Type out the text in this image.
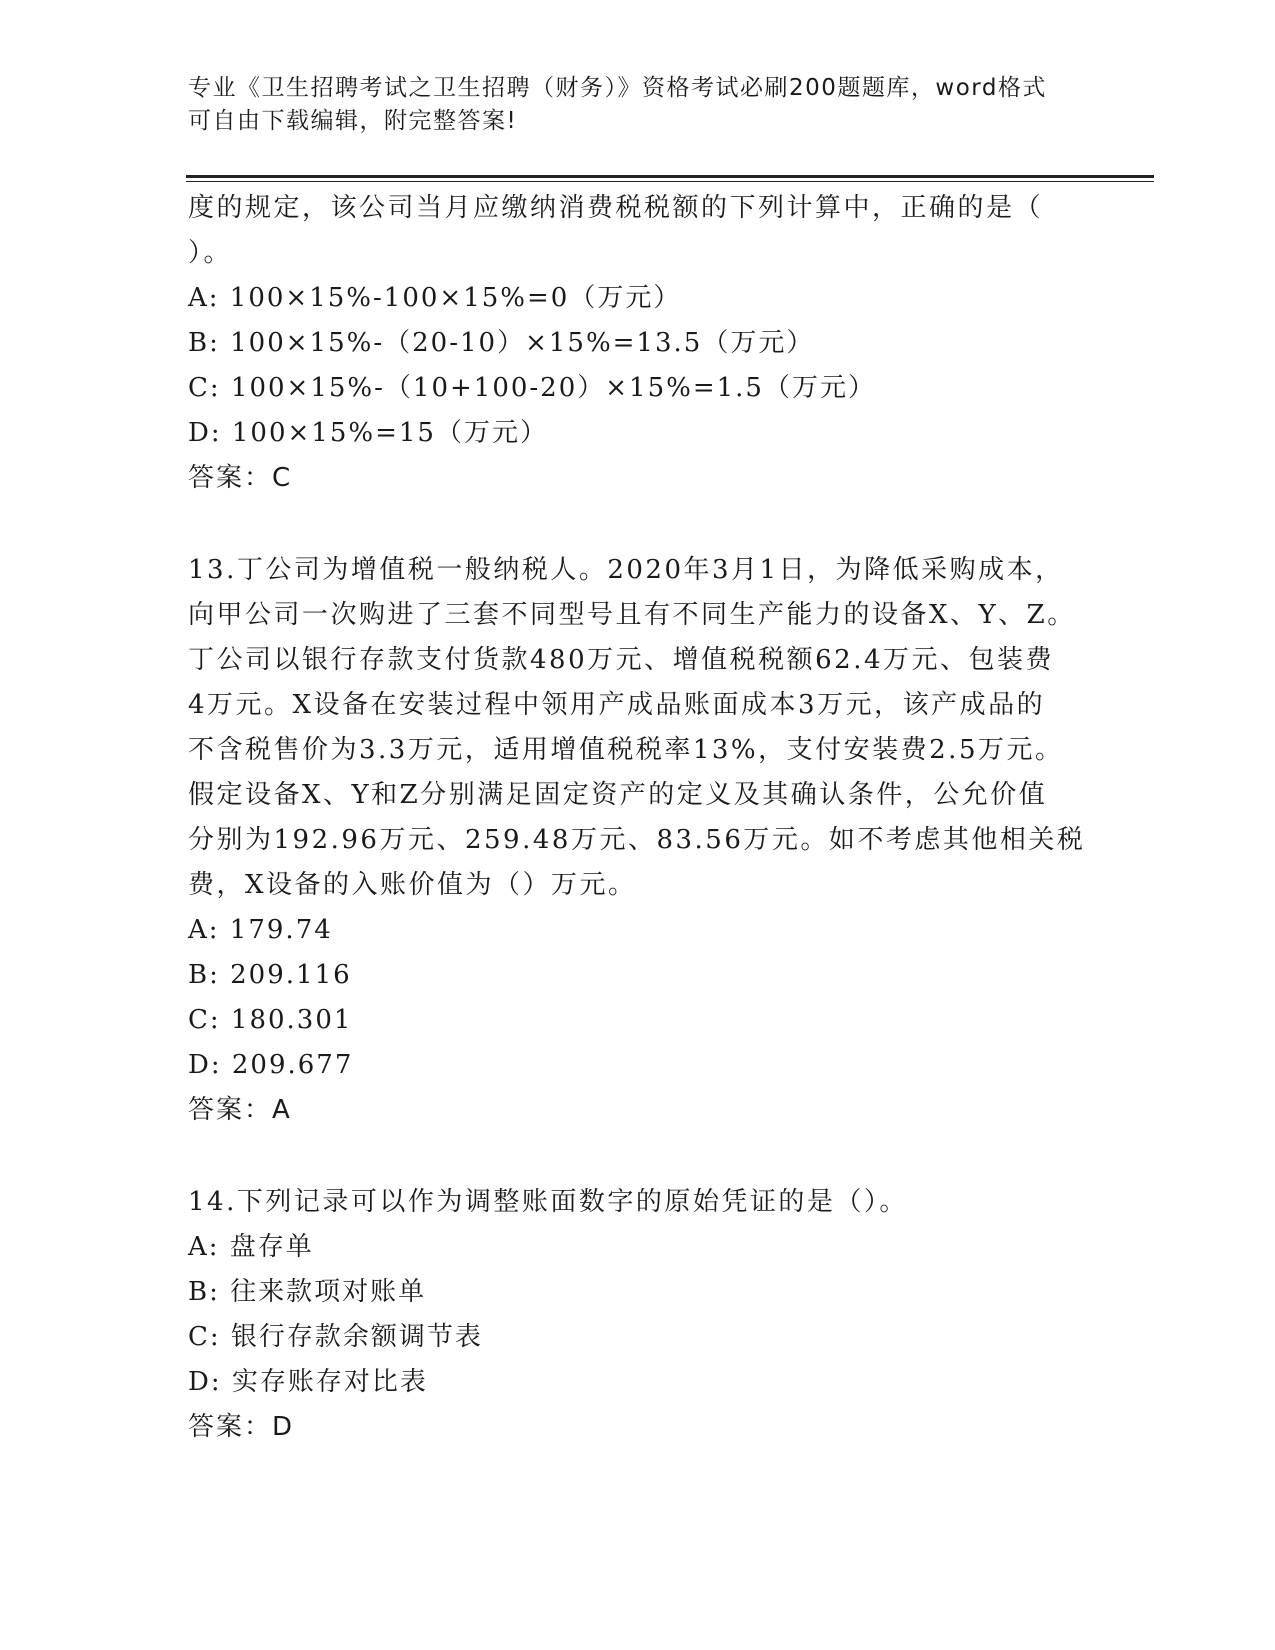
专业《卫生招聘考试之卫生招聘（财务）》资格考试必刷200题题库，word格式
可自由下载编辑，附完整答案!
度的规定，该公司当月应缴纳消费税税额的下列计算中，正确的是（
）。
A: 100×15%-100×15%=0（万元）
B: 100×15%-（20-10）×15%=13.5（万元）
C: 100×15%-（10+100-20）×15%=1.5（万元）
D: 100×15%=15（万元）
答案：C
13.丁公司为增值税一般纳税人。2020年3月1日，为降低采购成本，
向甲公司一次购进了三套不同型号且有不同生产能力的设备X、Y、Z。
丁公司以银行存款支付货款480万元、增值税税额62.4万元、包装费
4万元。X设备在安装过程中领用产成品账面成本3万元，该产成品的
不含税售价为3.3万元，适用增值税税率13%，支付安装费2.5万元。
假定设备X、Y和Z分别满足固定资产的定义及其确认条件，公允价值
分别为192.96万元、259.48万元、83.56万元。如不考虑其他相关税
费，X设备的入账价值为（）万元。
A: 179.74
B: 209.116
C: 180.301
D: 209.677
答案：A
14.下列记录可以作为调整账面数字的原始凭证的是（）。
A: 盘存单
B: 往来款项对账单
C: 银行存款余额调节表
D: 实存账存对比表
答案：D
